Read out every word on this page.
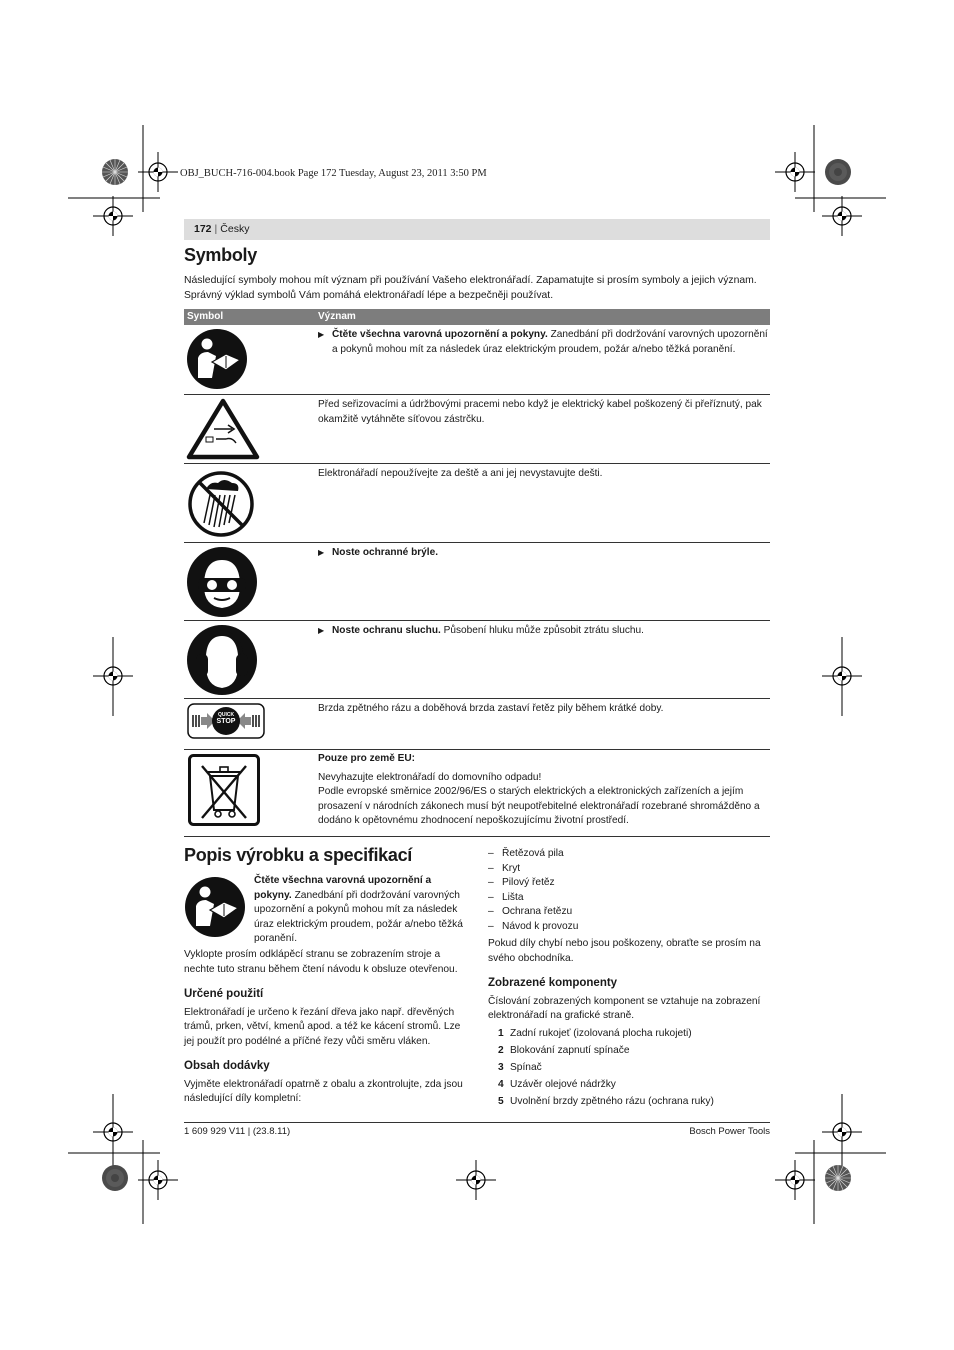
OBJ_BUCH-716-004.book Page 172 Tuesday, August 23, 2011 3:50 PM
172 | Česky
Symboly
Následující symboly mohou mít význam při používání Vašeho elektronářadí. Zapamatujte si prosím symboly a jejich význam. Správný výklad symbolů Vám pomáhá elektronářadí lépe a bezpečněji používat.
Symbol	Význam
▶ Čtěte všechna varovná upozornění a pokyny. Zanedbání při dodržování varovných upozornění a pokynů mohou mít za následek úraz elektrickým proudem, požár a/nebo těžká poranění.
Před seřizovacími a údržbovými pracemi nebo když je elektrický kabel poškozený či přeříznutý, pak okamžitě vytáhněte síťovou zástrčku.
Elektronářadí nepoužívejte za deště a ani jej nevystavujte dešti.
▶ Noste ochranné brýle.
▶ Noste ochranu sluchu. Působení hluku může způsobit ztrátu sluchu.
QUICK
STOP
Brzda zpětného rázu a doběhová brzda zastaví řetěz pily během krátké doby.
Pouze pro země EU:
Nevyhazujte elektronářadí do domovního odpadu!
Podle evropské směrnice 2002/96/ES o starých elektrických a elektronických zařízeních a jejím prosazení v národních zákonech musí být neupotřebitelné elektronářadí rozebrané shromážděno a dodáno k opětovnému zhodnocení nepoškozujícímu životní prostředí.
Popis výrobku a specifikací
Čtěte všechna varovná upozornění a pokyny. Zanedbání při dodržování varovných upozornění a pokynů mohou mít za následek úraz elektrickým proudem, požár a/nebo těžká poranění.
Vyklopte prosím odklápěcí stranu se zobrazením stroje a nechte tuto stranu během čtení návodu k obsluze otevřenou.
Určené použití
Elektronářadí je určeno k řezání dřeva jako např. dřevěných trámů, prken, větví, kmenů apod. a též ke kácení stromů. Lze jej použít pro podélné a příčné řezy vůči směru vláken.
Obsah dodávky
Vyjměte elektronářadí opatrně z obalu a zkontrolujte, zda jsou následující díly kompletní:
– Řetězová pila
– Kryt
– Pilový řetěz
– Lišta
– Ochrana řetězu
– Návod k provozu
Pokud díly chybí nebo jsou poškozeny, obraťte se prosím na svého obchodníka.
Zobrazené komponenty
Číslování zobrazených komponent se vztahuje na zobrazení elektronářadí na grafické straně.
1 Zadní rukojeť (izolovaná plocha rukojeti)
2 Blokování zapnutí spínače
3 Spínač
4 Uzávěr olejové nádržky
5 Uvolnění brzdy zpětného rázu (ochrana ruky)
1 609 929 V11 | (23.8.11)	Bosch Power Tools
